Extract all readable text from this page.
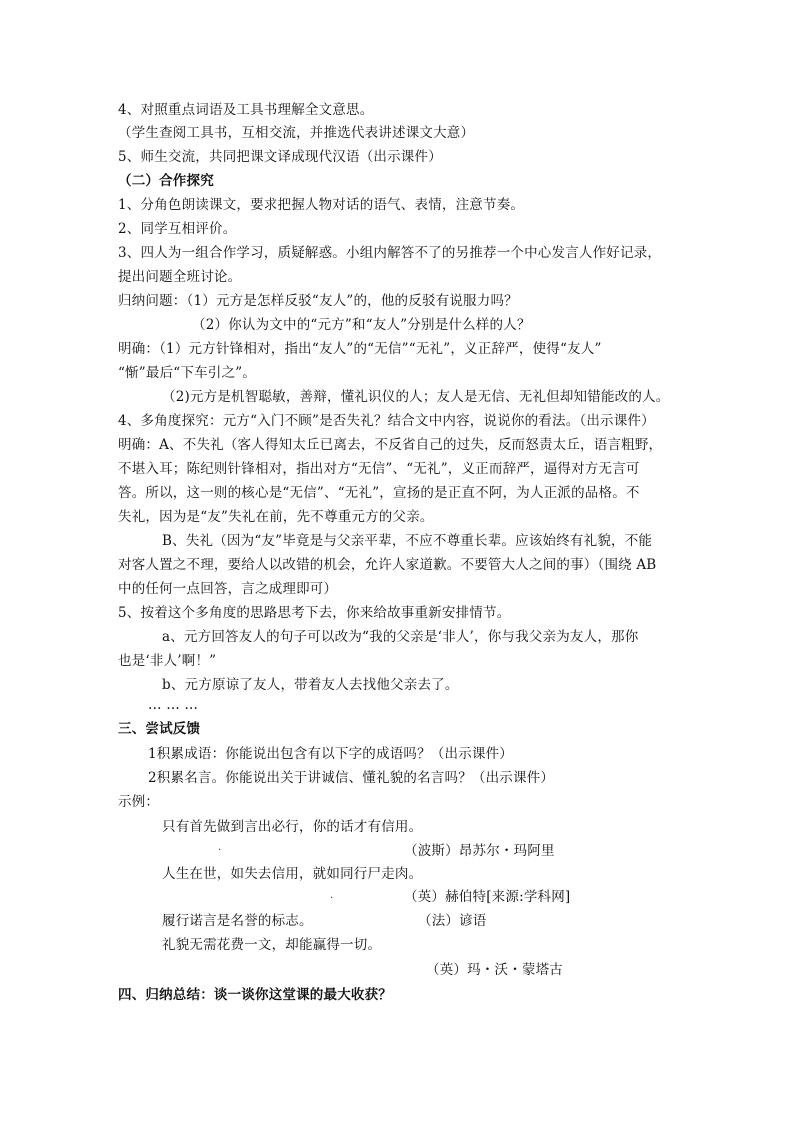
4、对照重点词语及工具书理解全文意思。
（学生查阅工具书，互相交流，并推选代表讲述课文大意）
5、师生交流，共同把课文译成现代汉语（出示课件）
（二）合作探究
1、分角色朗读课文，要求把握人物对话的语气、表情，注意节奏。
2、同学互相评价。
3、四人为一组合作学习，质疑解惑。小组内解答不了的另推荐一个中心发言人作好记录，
提出问题全班讨论。
归纳问题：（1）元方是怎样反驳“友人”的，他的反驳有说服力吗？
（2）你认为文中的“元方”和“友人”分别是什么样的人？
明确：（1）元方针锋相对，指出“友人”的“无信”“无礼”，义正辞严，使得“友人”
“惭”最后“下车引之”。
（2)元方是机智聪敏，善辩，懂礼识仪的人；友人是无信、无礼但却知错能改的人。
4、多角度探究：元方“入门不顾”是否失礼？结合文中内容，说说你的看法。（出示课件）
明确：A、不失礼（客人得知太丘已离去，不反省自己的过失，反而怒责太丘，语言粗野，
不堪入耳；陈纪则针锋相对，指出对方“无信”、“无礼”，义正而辞严，逼得对方无言可
答。所以，这一则的核心是“无信”、“无礼”，宣扬的是正直不阿，为人正派的品格。不
失礼，因为是“友”失礼在前，先不尊重元方的父亲。
B、失礼（因为“友”毕竟是与父亲平辈，不应不尊重长辈。应该始终有礼貌，不能
对客人置之不理，要给人以改错的机会，允许人家道歉。不要管大人之间的事）（围绕 AB
中的任何一点回答，言之成理即可）
5、按着这个多角度的思路思考下去，你来给故事重新安排情节。
a、元方回答友人的句子可以改为“我的父亲是‘非人’，你与我父亲为友人，那你
也是‘非人’啊！”
b、元方原谅了友人，带着友人去找他父亲去了。
… … …
三、尝试反馈
1积累成语：你能说出包含有以下字的成语吗？（出示课件）
2积累名言。你能说出关于讲诚信、懂礼貌的名言吗？（出示课件）
示例：
只有首先做到言出必行，你的话才有信用。
.	（波斯）昂苏尔・玛阿里
人生在世，如失去信用，就如同行尸走肉。
.	（英）赫伯特[来源:学科网]
履行诺言是名誉的标志。	（法）谚语
礼貌无需花费一文，却能赢得一切。
（英）玛・沃・蒙塔古
四、归纳总结：谈一谈你这堂课的最大收获？
